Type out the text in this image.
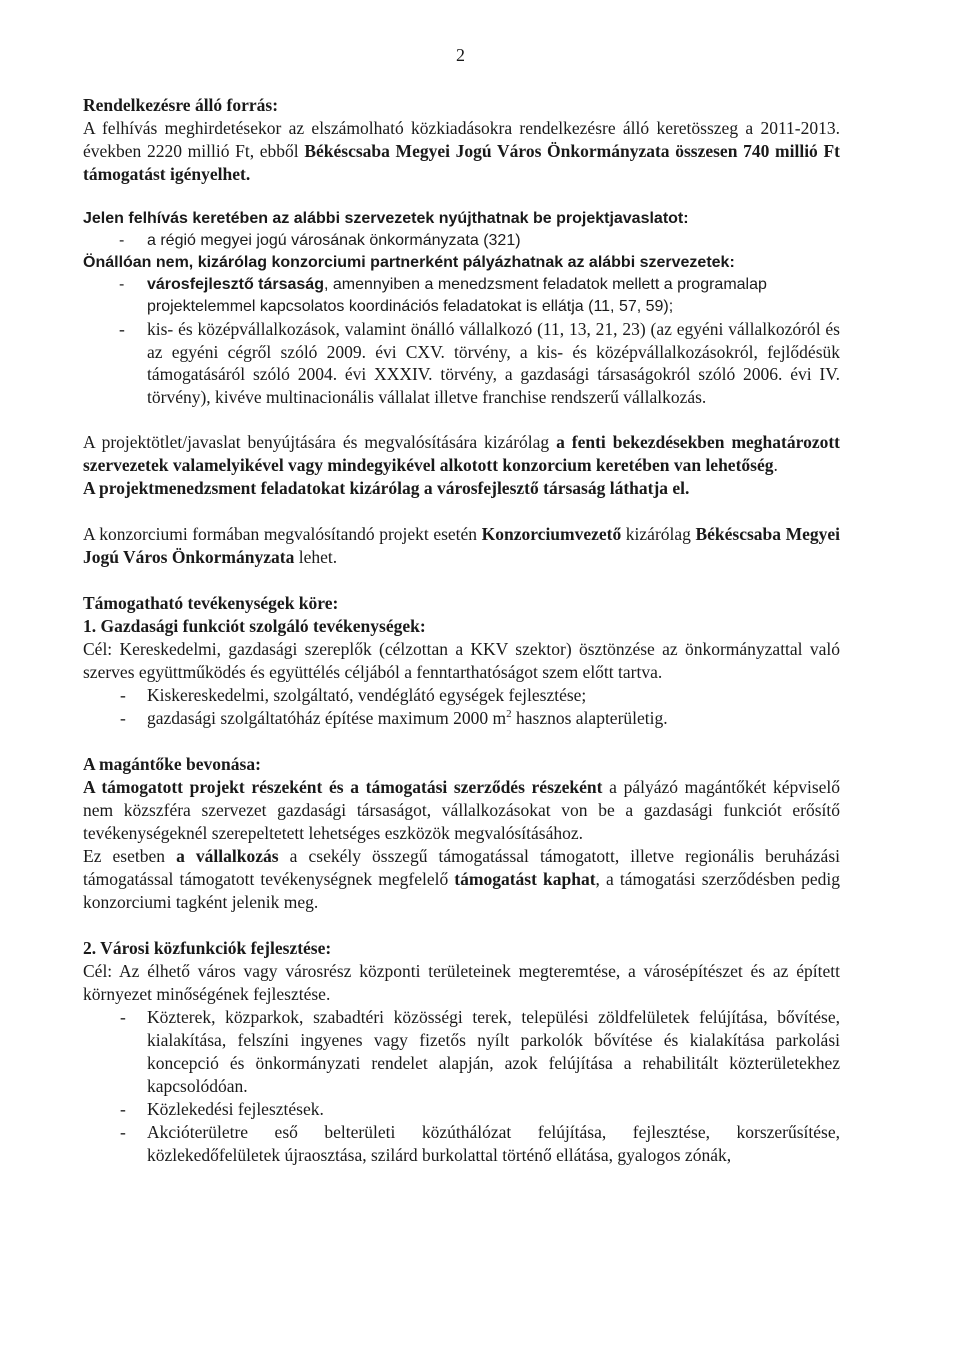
2

Rendelkezésre álló forrás:

A felhívás meghirdetésekor az elszámolható közkiadásokra rendelkezésre álló keretösszeg a 2011-2013. években 2220 millió Ft, ebből Békéscsaba Megyei Jogú Város Önkormányzata összesen 740 millió Ft támogatást igényelhet.

Jelen felhívás keretében az alábbi szervezetek nyújthatnak be projektjavaslatot:

- a régió megyei jogú városának önkormányzata (321)

Önállóan nem, kizárólag konzorciumi partnerként pályázhatnak az alábbi szervezetek:

- városfejlesztő társaság, amennyiben a menedzsment feladatok mellett a programalap projektelemmel kapcsolatos koordinációs feladatokat is ellátja (11, 57, 59);
- kis- és középvállalkozások, valamint önálló vállalkozó (11, 13, 21, 23) (az egyéni vállalkozóról és az egyéni cégről szóló 2009. évi CXV. törvény, a kis- és középvállalkozásokról, fejlődésük támogatásáról szóló 2004. évi XXXIV. törvény, a gazdasági társaságokról szóló 2006. évi IV. törvény), kivéve multinacionális vállalat illetve franchise rendszerű vállalkozás.

A projektötlet/javaslat benyújtására és megvalósítására kizárólag a fenti bekezdésekben meghatározott szervezetek valamelyikével vagy mindegyikével alkotott konzorcium keretében van lehetőség.

A projektmenedzsment feladatokat kizárólag a városfejlesztő társaság láthatja el.

A konzorciumi formában megvalósítandó projekt esetén Konzorciumvezető kizárólag Békéscsaba Megyei Jogú Város Önkormányzata lehet.

Támogatható tevékenységek köre:

1. Gazdasági funkciót szolgáló tevékenységek:

Cél: Kereskedelmi, gazdasági szereplők (célzottan a KKV szektor) ösztönzése az önkormányzattal való szerves együttműködés és együttélés céljából a fenntarthatóságot szem előtt tartva.

- Kiskereskedelmi, szolgáltató, vendéglátó egységek fejlesztése;
- gazdasági szolgáltatóház építése maximum 2000 $m^2$ hasznos alapterületig.

A magántőke bevonása:

A támogatott projekt részeként és a támogatási szerződés részeként a pályázó magántőkét képviselő nem közszféra szervezet gazdasági társaságot, vállalkozásokat von be a gazdasági funkciót erősítő tevékenységeknél szerepeltetett lehetséges eszközök megvalósításához.

Ez esetben a vállalkozás a csekély összegű támogatással támogatott, illetve regionális beruházási támogatással támogatott tevékenységnek megfelelő támogatást kaphat, a támogatási szerződésben pedig konzorciumi tagként jelenik meg.

2. Városi közfunkciók fejlesztése:

Cél: Az élhető város vagy városrész központi területeinek megteremtése, a városépítészet és az épített környezet minőségének fejlesztése.

- Közterek, közparkok, szabadtéri közösségi terek, települési zöldfelületek felújítása, bővítése, kialakítása, felszíni ingyenes vagy fizetős nyílt parkolók bővítése és kialakítása parkolási koncepció és önkormányzati rendelet alapján, azok felújítása a rehabilitált közterületekhez kapcsolódóan.
- Közlekedési fejlesztések.
- Akcióterületre eső belterületi közúthálózat felújítása, fejlesztése, korszerűsítése, közlekedőfelületek újraosztása, szilárd burkolattal történő ellátása, gyalogos zónák,
